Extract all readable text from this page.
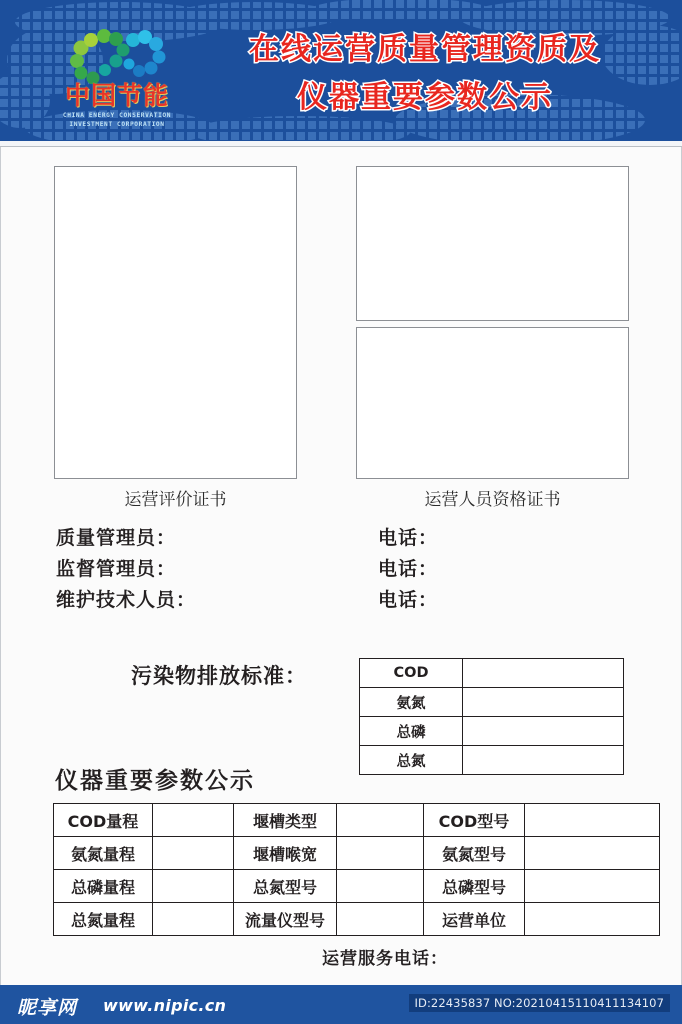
中国节能
CHINA ENERGY CONSERVATION
INVESTMENT CORPORATION
在线运营质量管理资质及
仪器重要参数公示
运营评价证书	运营人员资格证书
质量管理员：	电话：
监督管理员：	电话：
维护技术人员：	电话：
污染物排放标准：	COD	
氨氮	
总磷	
总氮	
仪器重要参数公示
COD量程		堰槽类型		COD型号	
氨氮量程		堰槽喉宽		氨氮型号	
总磷量程		总氮型号		总磷型号	
总氮量程		流量仪型号		运营单位	
运营服务电话：
昵享网 www.nipic.cn	ID:22435837 NO:20210415110411134107
